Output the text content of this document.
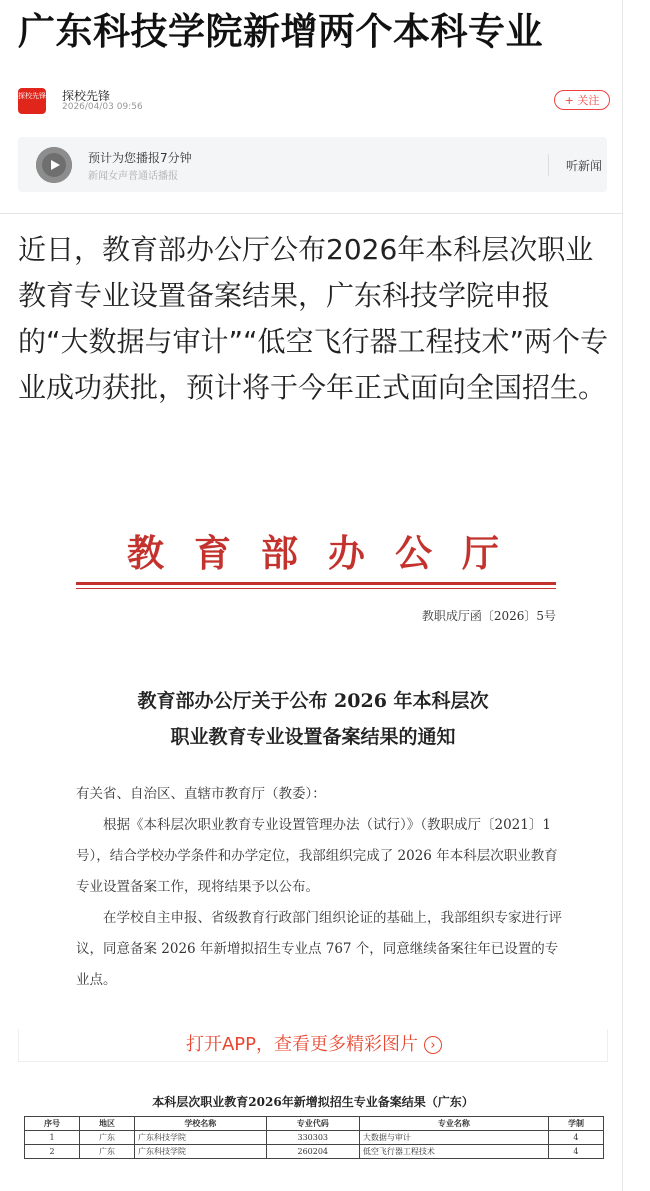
广东科技学院新增两个本科专业
探校先锋 探校先锋
2026/04/03 09:56	+ 关注
预计为您播报7分钟
新闻女声普通话播报
听新闻

近日，教育部办公厅公布2026年本科层次职业教育专业设置备案结果，广东科技学院申报的“大数据与审计”“低空飞行器工程技术”两个专业成功获批，预计将于今年正式面向全国招生。

教育部办公厅
教职成厅函〔2026〕5号
教育部办公厅关于公布 2026 年本科层次
职业教育专业设置备案结果的通知

有关省、自治区、直辖市教育厅（教委）：

根据《本科层次职业教育专业设置管理办法（试行）》（教职成厅〔2021〕1 号），结合学校办学条件和办学定位，我部组织完成了 2026 年本科层次职业教育专业设置备案工作，现将结果予以公布。

在学校自主申报、省级教育行政部门组织论证的基础上，我部组织专家进行评议，同意备案 2026 年新增拟招生专业点 767 个，同意继续备案往年已设置的专业点。

打开APP，查看更多精彩图片 ›
本科层次职业教育2026年新增拟招生专业备案结果（广东）
序号	地区	学校名称	专业代码	专业名称	学制
1	广东	广东科技学院	330303	大数据与审计	4
2	广东	广东科技学院	260204	低空飞行器工程技术	4
